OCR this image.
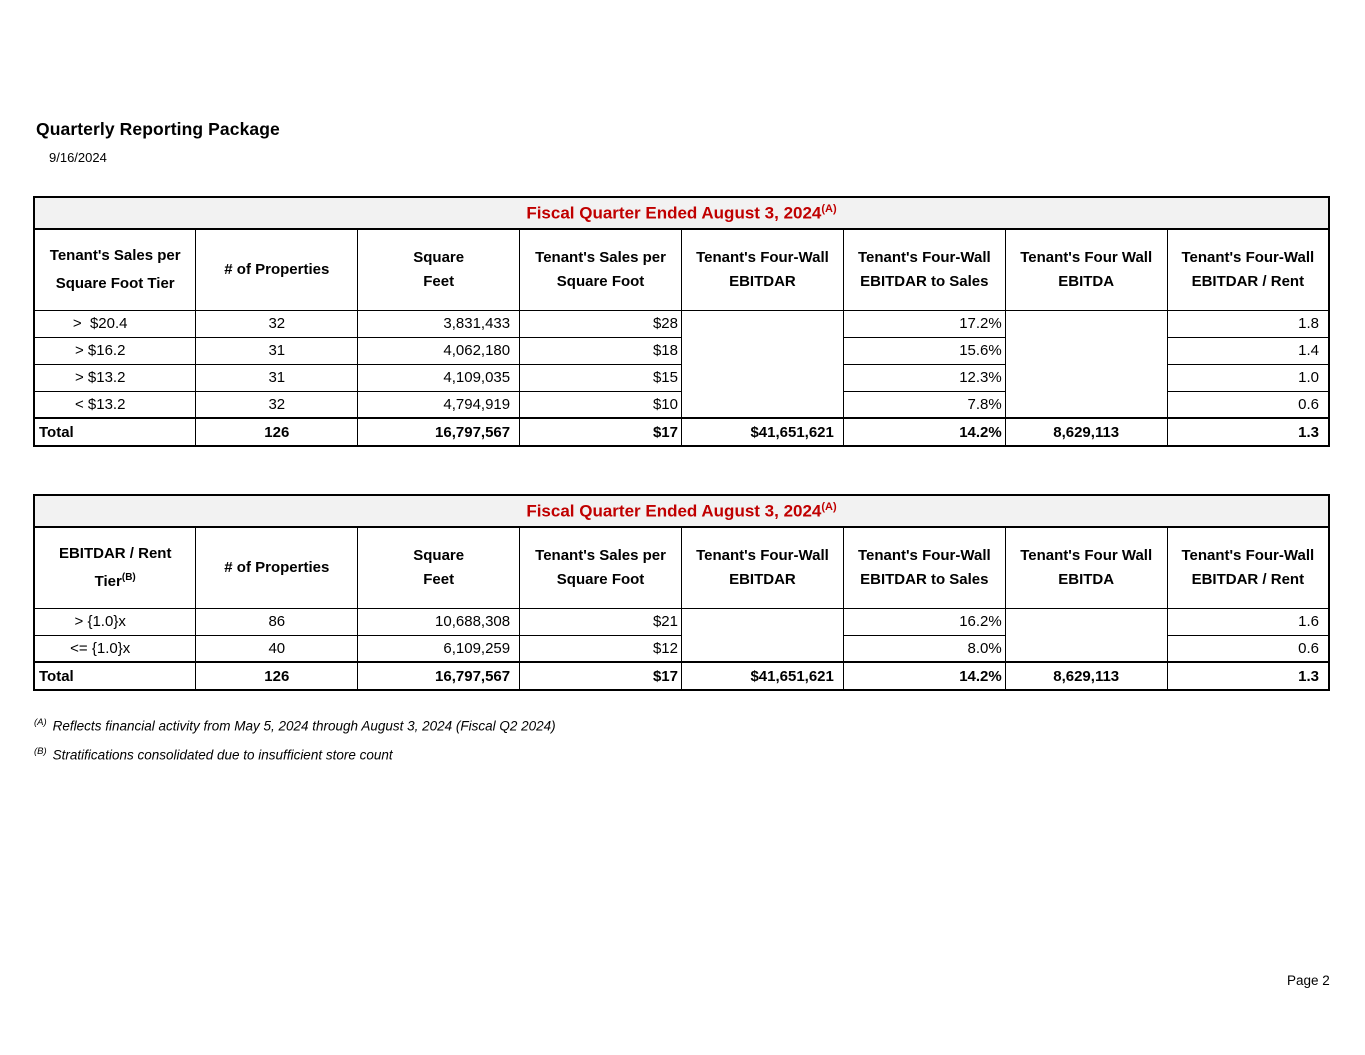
Quarterly Reporting Package
9/16/2024
Fiscal Quarter Ended August 3, $2024^{(A)}$

Tenant's Sales per
Square Foot Tier

# of Properties

Square
Feet

Tenant's Sales per
Square Foot

Tenant's Four-Wall
EBITDAR

Tenant's Four-Wall
EBITDAR to Sales

Tenant's Four Wall
EBITDA

Tenant's Four-Wall
EBITDAR / Rent

>  $20.4	32	3,831,433	$28		17.2%		1.8
> $16.2	31	4,062,180	$18		15.6%		1.4
> $13.2	31	4,109,035	$15		12.3%		1.0
< $13.2	32	4,794,919	$10		7.8%		0.6
Total	126	16,797,567	$17	$41,651,621	14.2%	8,629,113	1.3
Fiscal Quarter Ended August 3, $2024^{(A)}$

EBITDAR / Rent
Tier$^{(B)}$

# of Properties

Square
Feet

Tenant's Sales per
Square Foot

Tenant's Four-Wall
EBITDAR

Tenant's Four-Wall
EBITDAR to Sales

Tenant's Four Wall
EBITDA

Tenant's Four-Wall
EBITDAR / Rent

> {1.0}x	86	10,688,308	$21		16.2%		1.6
<= {1.0}x	40	6,109,259	$12		8.0%		0.6
Total	126	16,797,567	$17	$41,651,621	14.2%	8,629,113	1.3
$^{(A)}$ Reflects financial activity from May 5, 2024 through August 3, 2024 (Fiscal Q2 2024)
$^{(B)}$ Stratifications consolidated due to insufficient store count
Page 2
